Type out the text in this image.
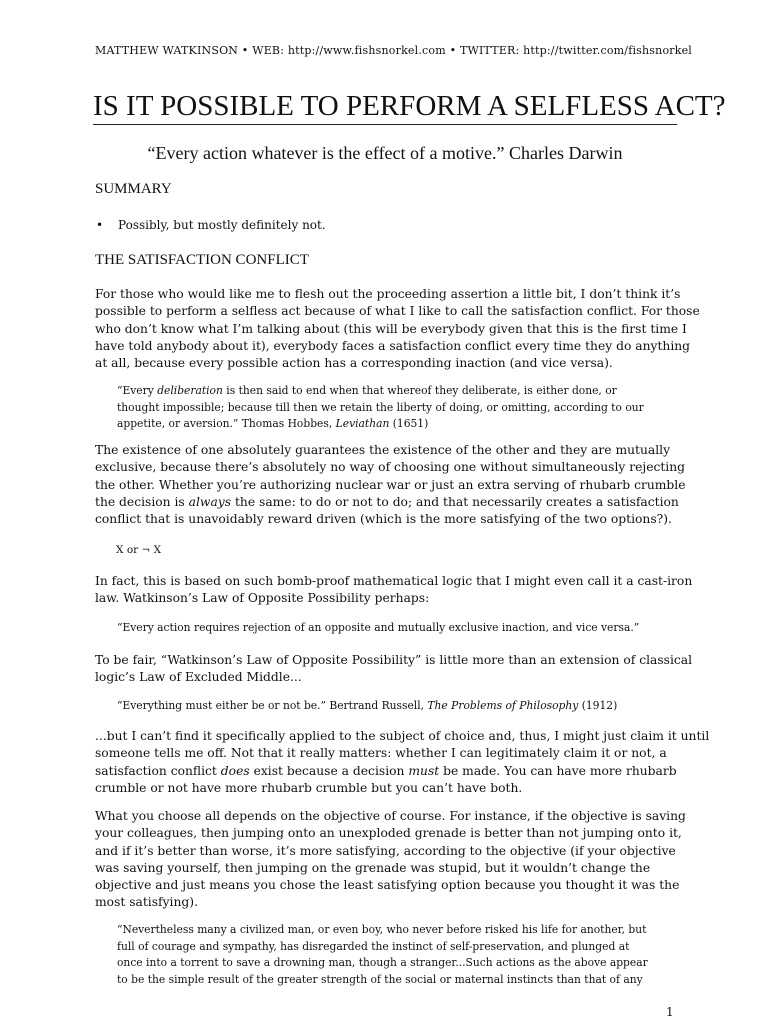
MATTHEW WATKINSON • WEB: http://www.fishsnorkel.com • TWITTER: http://twitter.com/fishsnorkel
IS IT POSSIBLE TO PERFORM A SELFLESS ACT?
“Every action whatever is the effect of a motive.” Charles Darwin
SUMMARY
• Possibly, but mostly definitely not.
THE SATISFACTION CONFLICT
For those who would like me to flesh out the proceeding assertion a little bit, I don’t think it’s
possible to perform a selfless act because of what I like to call the satisfaction conflict. For those
who don’t know what I’m talking about (this will be everybody given that this is the first time I
have told anybody about it), everybody faces a satisfaction conflict every time they do anything
at all, because every possible action has a corresponding inaction (and vice versa).
“Every deliberation is then said to end when that whereof they deliberate, is either done, or
thought impossible; because till then we retain the liberty of doing, or omitting, according to our
appetite, or aversion.” Thomas Hobbes, Leviathan (1651)
The existence of one absolutely guarantees the existence of the other and they are mutually
exclusive, because there’s absolutely no way of choosing one without simultaneously rejecting
the other. Whether you’re authorizing nuclear war or just an extra serving of rhubarb crumble
the decision is always the same: to do or not to do; and that necessarily creates a satisfaction
conflict that is unavoidably reward driven (which is the more satisfying of the two options?).
X or ¬ X
In fact, this is based on such bomb-proof mathematical logic that I might even call it a cast-iron
law. Watkinson’s Law of Opposite Possibility perhaps:
“Every action requires rejection of an opposite and mutually exclusive inaction, and vice versa.”
To be fair, “Watkinson’s Law of Opposite Possibility” is little more than an extension of classical
logic’s Law of Excluded Middle...
“Everything must either be or not be.” Bertrand Russell, The Problems of Philosophy (1912)
...but I can’t find it specifically applied to the subject of choice and, thus, I might just claim it until
someone tells me off. Not that it really matters: whether I can legitimately claim it or not, a
satisfaction conflict does exist because a decision must be made. You can have more rhubarb
crumble or not have more rhubarb crumble but you can’t have both.
What you choose all depends on the objective of course. For instance, if the objective is saving
your colleagues, then jumping onto an unexploded grenade is better than not jumping onto it,
and if it’s better than worse, it’s more satisfying, according to the objective (if your objective
was saving yourself, then jumping on the grenade was stupid, but it wouldn’t change the
objective and just means you chose the least satisfying option because you thought it was the
most satisfying).
“Nevertheless many a civilized man, or even boy, who never before risked his life for another, but
full of courage and sympathy, has disregarded the instinct of self-preservation, and plunged at
once into a torrent to save a drowning man, though a stranger...Such actions as the above appear
to be the simple result of the greater strength of the social or maternal instincts than that of any
1
